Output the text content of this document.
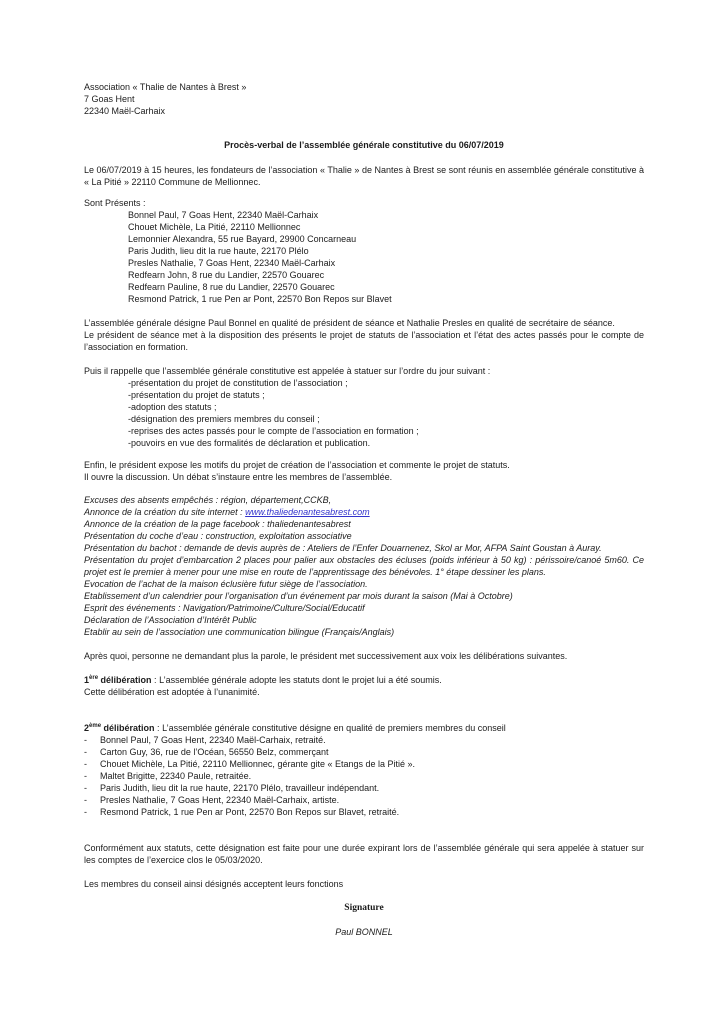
Association « Thalie de Nantes à Brest »
7 Goas Hent
22340 Maël-Carhaix

Procès-verbal de l’assemblée générale constitutive du 06/07/2019

Le 06/07/2019 à 15 heures, les fondateurs de l’association « Thalie » de Nantes à Brest se sont réunis en assemblée générale constitutive à « La Pitié » 22110 Commune de Mellionnec.

Sont Présents :

Bonnel Paul, 7 Goas Hent, 22340 Maël-Carhaix
Chouet Michèle, La Pitié, 22110 Mellionnec
Lemonnier Alexandra, 55 rue Bayard, 29900 Concarneau
Paris Judith, lieu dit la rue haute, 22170 Plélo
Presles Nathalie, 7 Goas Hent, 22340 Maël-Carhaix
Redfearn John, 8 rue du Landier, 22570 Gouarec
Redfearn Pauline, 8 rue du Landier, 22570 Gouarec
Resmond Patrick, 1 rue Pen ar Pont, 22570 Bon Repos sur Blavet

L’assemblée générale désigne Paul Bonnel en qualité de président de séance et Nathalie Presles en qualité de secrétaire de séance.

Le président de séance met à la disposition des présents le projet de statuts de l’association et l’état des actes passés pour le compte de l’association en formation.

Puis il rappelle que l’assemblée générale constitutive est appelée à statuer sur l’ordre du jour suivant :

-présentation du projet de constitution de l’association ;
-présentation du projet de statuts ;
-adoption des statuts ;
-désignation des premiers membres du conseil ;
-reprises des actes passés pour le compte de l’association en formation ;
-pouvoirs en vue des formalités de déclaration et publication.
Enfin, le président expose les motifs du projet de création de l’association et commente le projet de statuts.
Il ouvre la discussion. Un débat s’instaure entre les membres de l’assemblée.
Excuses des absents empêchés : région, département,CCKB,
Annonce de la création du site internet : www.thaliedenantesabrest.com
Annonce de la création de la page facebook : thaliedenantesabrest
Présentation du coche d’eau : construction, exploitation associative
Présentation du bachot : demande de devis auprès de : Ateliers de l’Enfer Douarnenez, Skol ar Mor, AFPA Saint Goustan à Auray.
Présentation du projet d’embarcation 2 places pour palier aux obstacles des écluses (poids inférieur à 50 kg) : périssoire/canoé 5m60. Ce projet est le premier à mener pour une mise en route de l’apprentissage des bénévoles. 1° étape dessiner les plans.
Evocation de l’achat de la maison éclusière futur siège de l’association.
Etablissement d’un calendrier pour l’organisation d’un événement par mois durant la saison (Mai à Octobre)
Esprit des événements : Navigation/Patrimoine/Culture/Social/Educatif
Déclaration de l’Association d’Intérêt Public
Etablir au sein de l’association une communication bilingue (Français/Anglais)

Après quoi, personne ne demandant plus la parole, le président met successivement aux voix les délibérations suivantes.

1ère délibération : L’assemblée générale adopte les statuts dont le projet lui a été soumis.

Cette délibération est adoptée à l’unanimité.

2ème délibération : L’assemblée générale constitutive désigne en qualité de premiers membres du conseil

- Bonnel Paul, 7 Goas Hent, 22340 Maël-Carhaix, retraité.
- Carton Guy, 36, rue de l’Océan, 56550 Belz, commerçant
- Chouet Michèle, La Pitié, 22110 Mellionnec, gérante gite « Etangs de la Pitié ».
- Maltet Brigitte, 22340 Paule, retraitée.
- Paris Judith, lieu dit la rue haute, 22170 Plélo, travailleur indépendant.
- Presles Nathalie, 7 Goas Hent, 22340 Maël-Carhaix, artiste.
- Resmond Patrick, 1 rue Pen ar Pont, 22570 Bon Repos sur Blavet, retraité.

Conformément aux statuts, cette désignation est faite pour une durée expirant lors de l’assemblée générale qui sera appelée à statuer sur les comptes de l’exercice clos le 05/03/2020.

Les membres du conseil ainsi désignés acceptent leurs fonctions

Signature

Paul BONNEL
